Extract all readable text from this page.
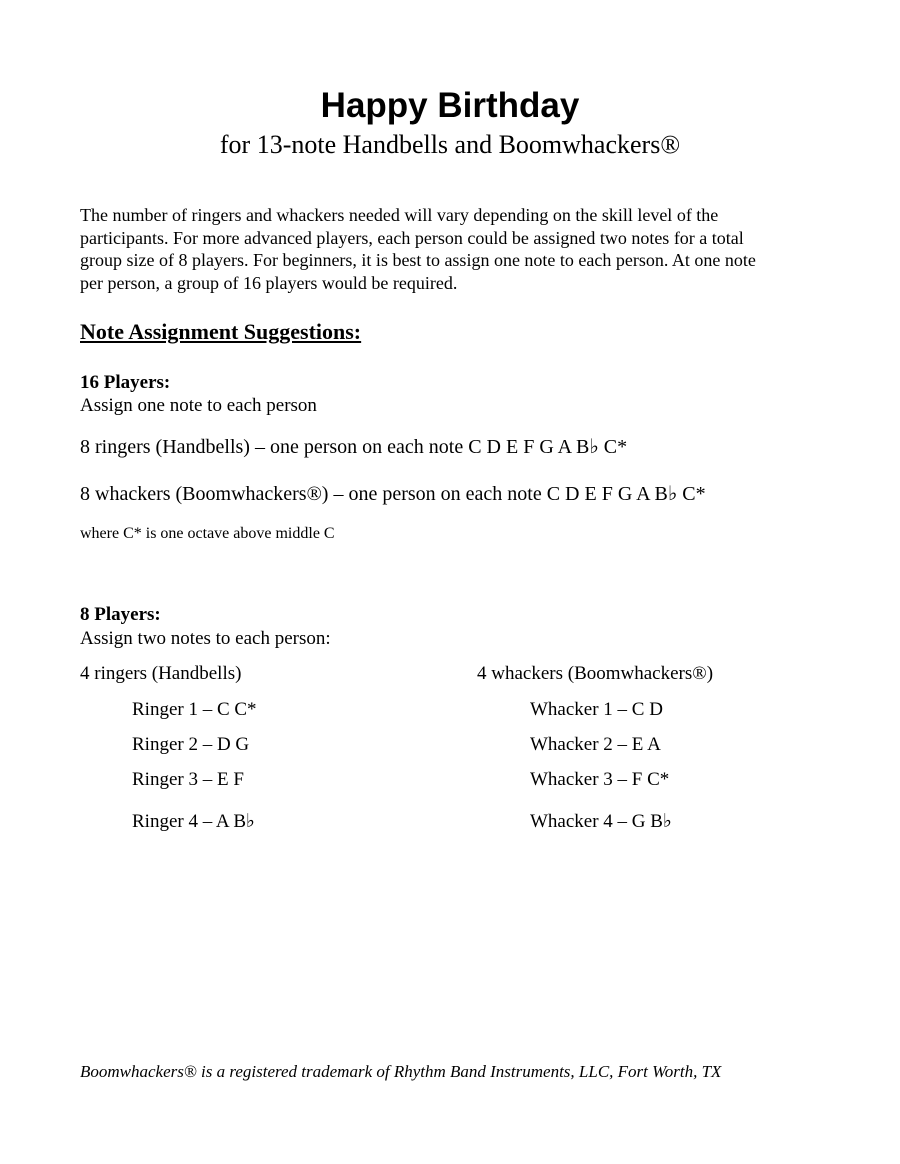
Happy Birthday
for 13-note Handbells and Boomwhackers®
The number of ringers and whackers needed will vary depending on the skill level of the
participants. For more advanced players, each person could be assigned two notes for a total
group size of 8 players. For beginners, it is best to assign one note to each person. At one note
per person, a group of 16 players would be required.
Note Assignment Suggestions:
16 Players:
Assign one note to each person
8 ringers (Handbells) – one person on each note C D E F G A B♭ C*
8 whackers (Boomwhackers®) – one person on each note C D E F G A B♭ C*
where C* is one octave above middle C
8 Players:
Assign two notes to each person:
4 ringers (Handbells)	4 whackers (Boomwhackers®)
Ringer 1 – C C*
Ringer 2 – D G
Ringer 3 – E F
Ringer 4 – A B♭
Whacker 1 – C D
Whacker 2 – E A
Whacker 3 – F C*
Whacker 4 – G B♭
Boomwhackers® is a registered trademark of Rhythm Band Instruments, LLC, Fort Worth, TX
